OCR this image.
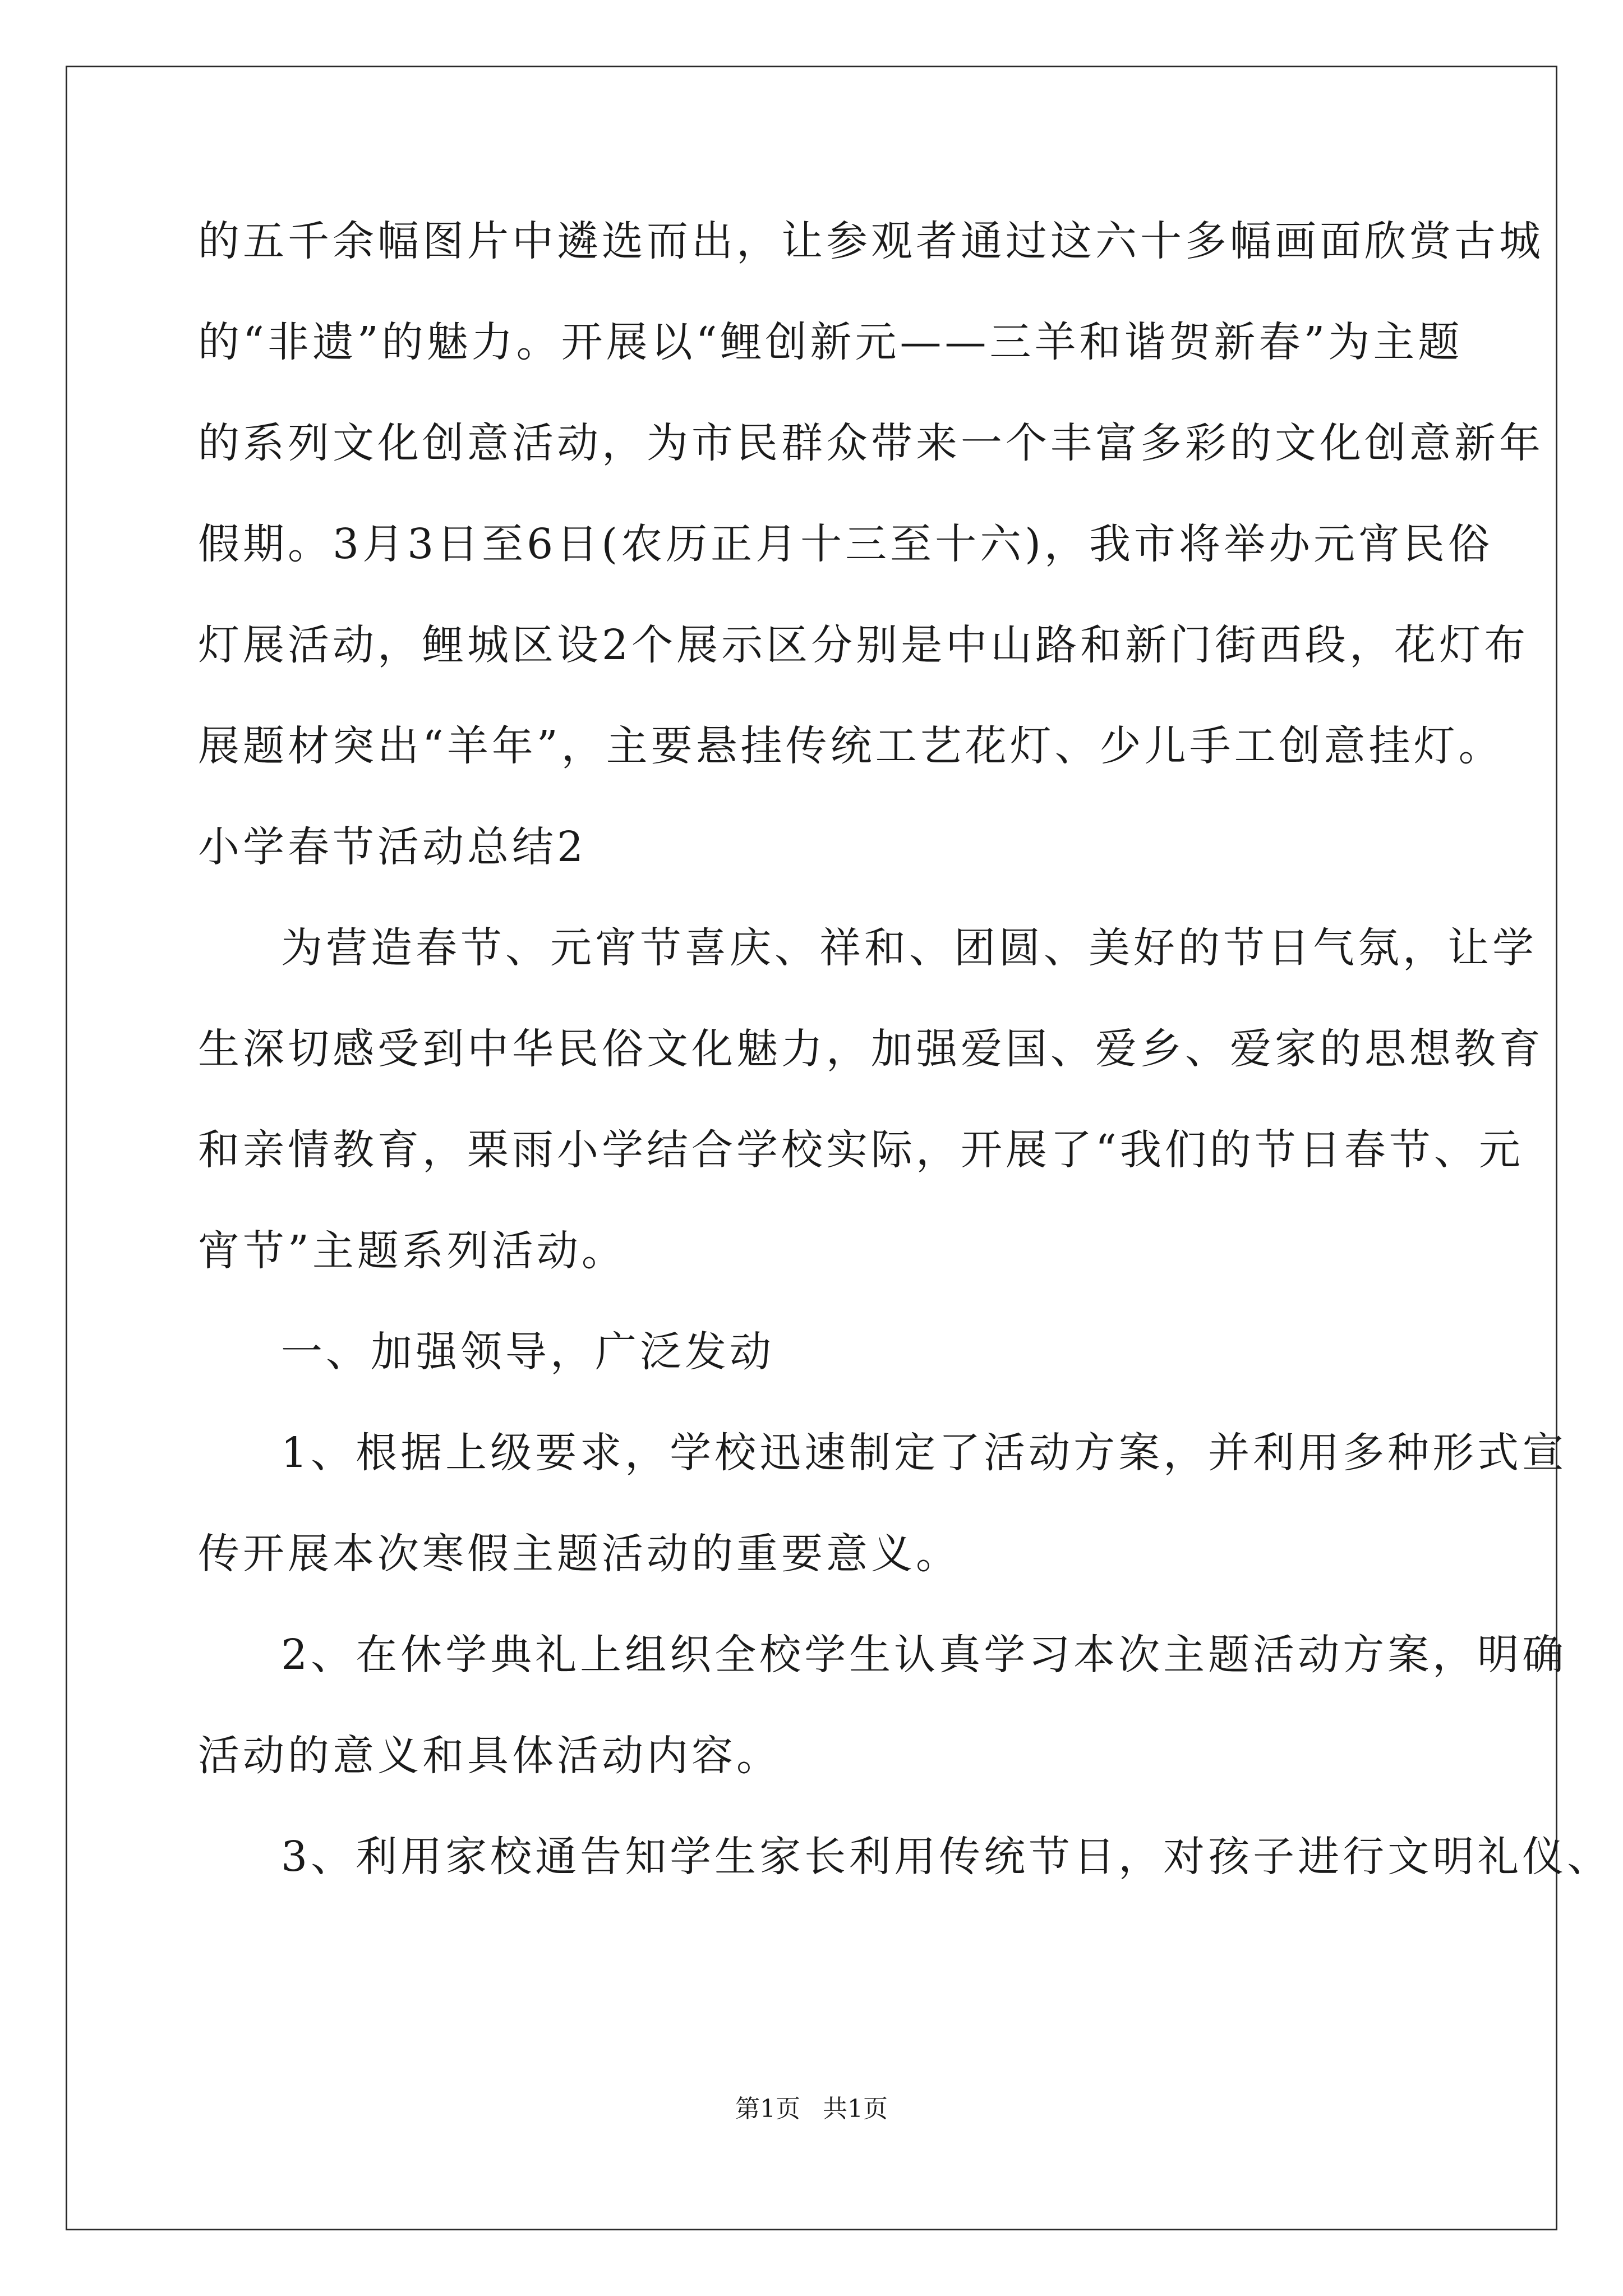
的五千余幅图片中遴选而出，让参观者通过这六十多幅画面欣赏古城
的“非遗”的魅力。开展以“鲤创新元——三羊和谐贺新春”为主题
的系列文化创意活动，为市民群众带来一个丰富多彩的文化创意新年
假期。3月3日至6日(农历正月十三至十六)，我市将举办元宵民俗
灯展活动，鲤城区设2个展示区分别是中山路和新门街西段，花灯布
展题材突出“羊年”，主要悬挂传统工艺花灯、少儿手工创意挂灯。
小学春节活动总结2
为营造春节、元宵节喜庆、祥和、团圆、美好的节日气氛，让学
生深切感受到中华民俗文化魅力，加强爱国、爱乡、爱家的思想教育
和亲情教育，栗雨小学结合学校实际，开展了“我们的节日春节、元
宵节”主题系列活动。
一、加强领导，广泛发动
1、根据上级要求，学校迅速制定了活动方案，并利用多种形式宣
传开展本次寒假主题活动的重要意义。
2、在休学典礼上组织全校学生认真学习本次主题活动方案，明确
活动的意义和具体活动内容。
3、利用家校通告知学生家长利用传统节日，对孩子进行文明礼仪、
第1页 共1页
